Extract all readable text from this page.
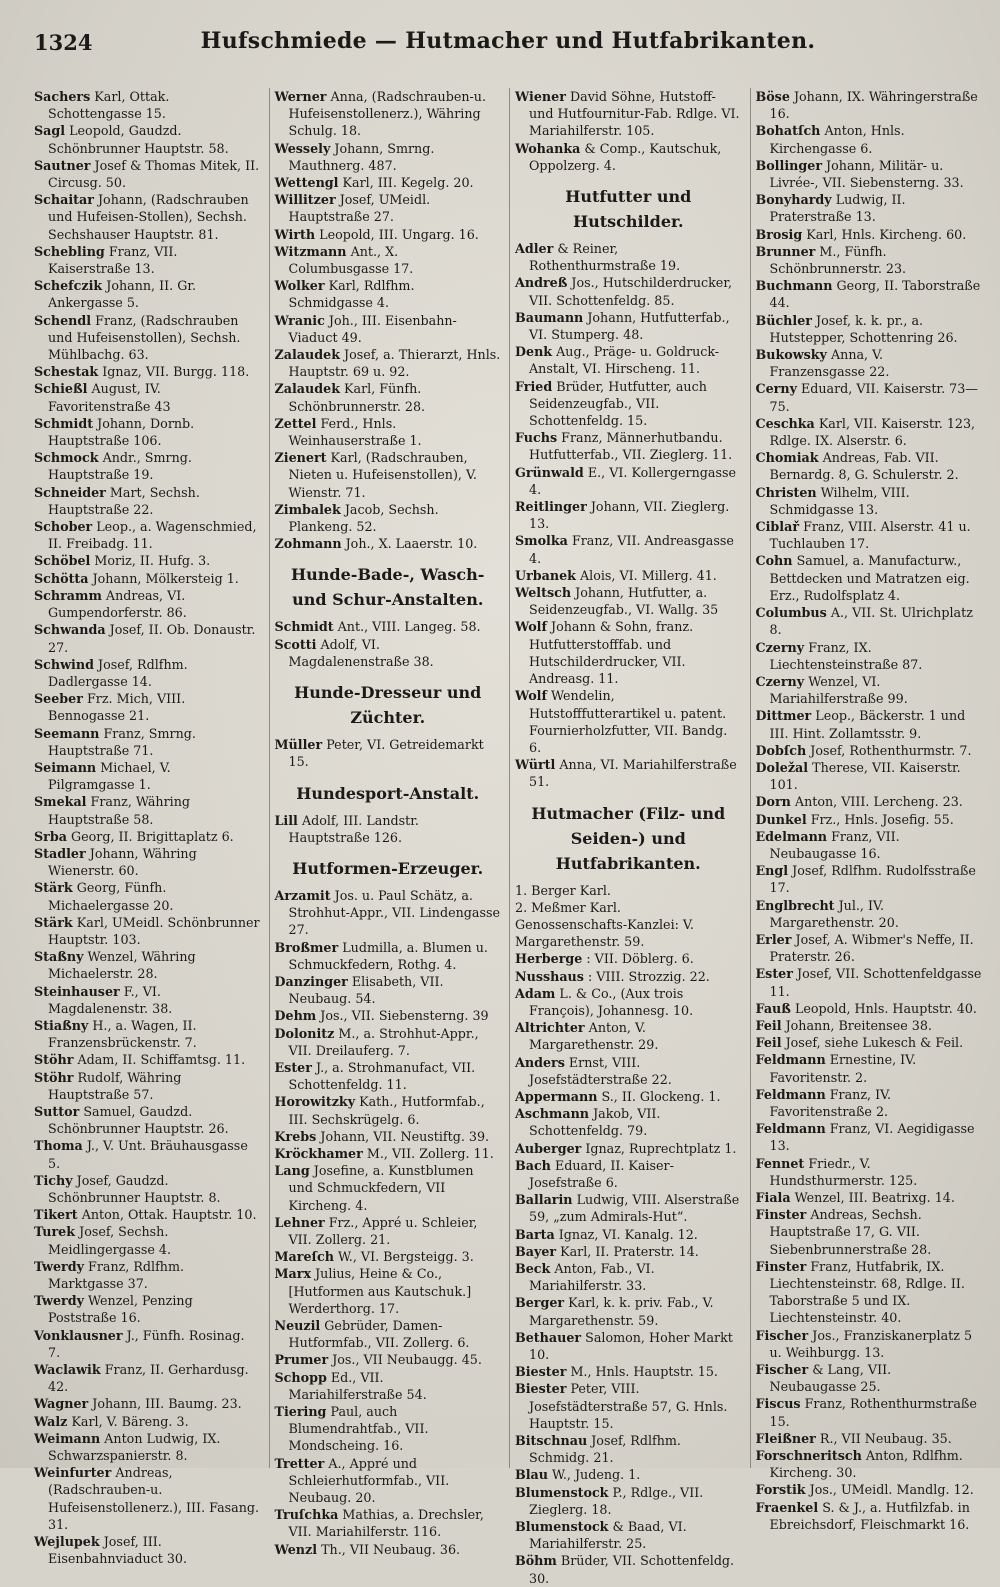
1324	Hufschmiede — Hutmacher und Hutfabrikanten.
Sachers Karl, Ottak. Schottengasse 15.
Sagl Leopold, Gaudzd. Schönbrunner Hauptstr. 58.
Sautner Josef & Thomas Mitek, II. Circusg. 50.
Schaitar Johann, (Radschrauben und Hufeisen-Stollen), Sechsh. Sechshauser Hauptstr. 81.
Schebling Franz, VII. Kaiserstraße 13.
Schefczik Johann, II. Gr. Ankergasse 5.
Schendl Franz, (Radschrauben und Hufeisenstollen), Sechsh. Mühlbachg. 63.
Schestak Ignaz, VII. Burgg. 118.
Schießl August, IV. Favoritenstraße 43
Schmidt Johann, Dornb. Hauptstraße 106.
Schmock Andr., Smrng. Hauptstraße 19.
Schneider Mart, Sechsh. Hauptstraße 22.
Schober Leop., a. Wagenschmied, II. Freibadg. 11.
Schöbel Moriz, II. Hufg. 3.
Schötta Johann, Mölkersteig 1.
Schramm Andreas, VI. Gumpendorferstr. 86.
Schwanda Josef, II. Ob. Donaustr. 27.
Schwind Josef, Rdlfhm. Dadlergasse 14.
Seeber Frz. Mich, VIII. Bennogasse 21.
Seemann Franz, Smrng. Hauptstraße 71.
Seimann Michael, V. Pilgramgasse 1.
Smekal Franz, Währing Hauptstraße 58.
Srba Georg, II. Brigittaplatz 6.
Stadler Johann, Währing Wienerstr. 60.
Stärk Georg, Fünfh. Michaelergasse 20.
Stärk Karl, UMeidl. Schönbrunner Hauptstr. 103.
Staßny Wenzel, Währing Michaelerstr. 28.
Steinhauser F., VI. Magdalenenstr. 38.
Stiaßny H., a. Wagen, II. Franzensbrückenstr. 7.
Stöhr Adam, II. Schiffamtsg. 11.
Stöhr Rudolf, Währing Hauptstraße 57.
Suttor Samuel, Gaudzd. Schönbrunner Hauptstr. 26.
Thoma J., V. Unt. Bräuhausgasse 5.
Tichy Josef, Gaudzd. Schönbrunner Hauptstr. 8.
Tikert Anton, Ottak. Hauptstr. 10.
Turek Josef, Sechsh. Meidlingergasse 4.
Twerdy Franz, Rdlfhm. Marktgasse 37.
Twerdy Wenzel, Penzing Poststraße 16.
Vonklausner J., Fünfh. Rosinag. 7.
Waclawik Franz, II. Gerhardusg. 42.
Wagner Johann, III. Baumg. 23.
Walz Karl, V. Bäreng. 3.
Weimann Anton Ludwig, IX. Schwarzspanierstr. 8.
Weinfurter Andreas, (Radschrauben-u. Hufeisenstollenerz.), III. Fasang. 31.
Wejlupek Josef, III. Eisenbahnviaduct 30.
Werner Anna, (Radschrauben-u. Hufeisenstollenerz.), Währing Schulg. 18.
Wessely Johann, Smrng. Mauthnerg. 487.
Wettengl Karl, III. Kegelg. 20.
Willitzer Josef, UMeidl. Hauptstraße 27.
Wirth Leopold, III. Ungarg. 16.
Witzmann Ant., X. Columbusgasse 17.
Wolker Karl, Rdlfhm. Schmidgasse 4.
Wranic Joh., III. Eisenbahn-Viaduct 49.
Zalaudek Josef, a. Thierarzt, Hnls. Hauptstr. 69 u. 92.
Zalaudek Karl, Fünfh. Schönbrunnerstr. 28.
Zettel Ferd., Hnls. Weinhauserstraße 1.
Zienert Karl, (Radschrauben, Nieten u. Hufeisenstollen), V. Wienstr. 71.
Zimbalek Jacob, Sechsh. Plankeng. 52.
Zohmann Joh., X. Laaerstr. 10.
Hunde-Bade-, Wasch- und Schur-Anstalten.
Schmidt Ant., VIII. Langeg. 58.
Scotti Adolf, VI. Magdalenenstraße 38.
Hunde-Dresseur und Züchter.
Müller Peter, VI. Getreidemarkt 15.
Hundesport-Anstalt.
Lill Adolf, III. Landstr. Hauptstraße 126.
Hutformen-Erzeuger.
Arzamit Jos. u. Paul Schätz, a. Strohhut-Appr., VII. Lindengasse 27.
Broßmer Ludmilla, a. Blumen u. Schmuckfedern, Rothg. 4.
Danzinger Elisabeth, VII. Neubaug. 54.
Dehm Jos., VII. Siebensterng. 39
Dolonitz M., a. Strohhut-Appr., VII. Dreilauferg. 7.
Ester J., a. Strohmanufact, VII. Schottenfeldg. 11.
Horowitzky Kath., Hutformfab., III. Sechskrügelg. 6.
Krebs Johann, VII. Neustiftg. 39.
Kröckhamer M., VII. Zollerg. 11.
Lang Josefine, a. Kunstblumen und Schmuckfedern, VII Kircheng. 4.
Lehner Frz., Appré u. Schleier, VII. Zollerg. 21.
Mareſch W., VI. Bergsteigg. 3.
Marx Julius, Heine & Co., [Hutformen aus Kautschuk.] Werderthorg. 17.
Neuzil Gebrüder, Damen-Hutformfab., VII. Zollerg. 6.
Prumer Jos., VII Neubaugg. 45.
Schopp Ed., VII. Mariahilferstraße 54.
Tiering Paul, auch Blumendrahtfab., VII. Mondscheing. 16.
Tretter A., Appré und Schleierhutformfab., VII. Neubaug. 20.
Truſchka Mathias, a. Drechsler, VII. Mariahilferstr. 116.
Wenzl Th., VII Neubaug. 36.
Wiener David Söhne, Hutstoff- und Hutfournitur-Fab. Rdlge. VI. Mariahilferstr. 105.
Wohanka & Comp., Kautschuk, Oppolzerg. 4.
Hutfutter und Hutschilder.
Adler & Reiner, Rothenthurmstraße 19.
Andreß Jos., Hutschilderdrucker, VII. Schottenfeldg. 85.
Baumann Johann, Hutfutterfab., VI. Stumperg. 48.
Denk Aug., Präge- u. Goldruck-Anstalt, VI. Hirscheng. 11.
Fried Brüder, Hutfutter, auch Seidenzeugfab., VII. Schottenfeldg. 15.
Fuchs Franz, Männerhutbandu. Hutfutterfab., VII. Zieglerg. 11.
Grünwald E., VI. Kollergerngasse 4.
Reitlinger Johann, VII. Zieglerg. 13.
Smolka Franz, VII. Andreasgasse 4.
Urbanek Alois, VI. Millerg. 41.
Weltsch Johann, Hutfutter, a. Seidenzeugfab., VI. Wallg. 35
Wolf Johann & Sohn, franz. Hutfutterstofffab. und Hutschilderdrucker, VII. Andreasg. 11.
Wolf Wendelin, Hutstofffutterartikel u. patent. Fournierholzfutter, VII. Bandg. 6.
Würtl Anna, VI. Mariahilferstraße 51.
Hutmacher (Filz- und Seiden-) und Hutfabrikanten.
1. Berger Karl.
2. Meßmer Karl.
Genossenschafts-Kanzlei: V. Margarethenstr. 59.
Herberge : VII. Döblerg. 6.
Nusshaus : VIII. Strozzig. 22.
Adam L. & Co., (Aux trois François), Johannesg. 10.
Altrichter Anton, V. Margarethenstr. 29.
Anders Ernst, VIII. Josefstädterstraße 22.
Appermann S., II. Glockeng. 1.
Aschmann Jakob, VII. Schottenfeldg. 79.
Auberger Ignaz, Ruprechtplatz 1.
Bach Eduard, II. Kaiser-Josefstraße 6.
Ballarin Ludwig, VIII. Alserstraße 59, „zum Admirals-Hut“.
Barta Ignaz, VI. Kanalg. 12.
Bayer Karl, II. Praterstr. 14.
Beck Anton, Fab., VI. Mariahilferstr. 33.
Berger Karl, k. k. priv. Fab., V. Margarethenstr. 59.
Bethauer Salomon, Hoher Markt 10.
Biester M., Hnls. Hauptstr. 15.
Biester Peter, VIII. Josefstädterstraße 57, G. Hnls. Hauptstr. 15.
Bitschnau Josef, Rdlfhm. Schmidg. 21.
Blau W., Judeng. 1.
Blumenstock P., Rdlge., VII. Zieglerg. 18.
Blumenstock & Baad, VI. Mariahilferstr. 25.
Böhm Brüder, VII. Schottenfeldg. 30.
Böse Johann, IX. Währingerstraße 16.
Bohatſch Anton, Hnls. Kirchengasse 6.
Bollinger Johann, Militär- u. Livrée-, VII. Siebensterng. 33.
Bonyhardy Ludwig, II. Praterstraße 13.
Brosig Karl, Hnls. Kircheng. 60.
Brunner M., Fünfh. Schönbrunnerstr. 23.
Buchmann Georg, II. Taborstraße 44.
Büchler Josef, k. k. pr., a. Hutstepper, Schottenring 26.
Bukowsky Anna, V. Franzensgasse 22.
Cerny Eduard, VII. Kaiserstr. 73—75.
Ceschka Karl, VII. Kaiserstr. 123, Rdlge. IX. Alserstr. 6.
Chomiak Andreas, Fab. VII. Bernardg. 8, G. Schulerstr. 2.
Christen Wilhelm, VIII. Schmidgasse 13.
Ciblař Franz, VIII. Alserstr. 41 u. Tuchlauben 17.
Cohn Samuel, a. Manufacturw., Bettdecken und Matratzen eig. Erz., Rudolfsplatz 4.
Columbus A., VII. St. Ulrichplatz 8.
Czerny Franz, IX. Liechtensteinstraße 87.
Czerny Wenzel, VI. Mariahilferstraße 99.
Dittmer Leop., Bäckerstr. 1 und III. Hint. Zollamtsstr. 9.
Dobſch Josef, Rothenthurmstr. 7.
Doležal Therese, VII. Kaiserstr. 101.
Dorn Anton, VIII. Lercheng. 23.
Dunkel Frz., Hnls. Josefig. 55.
Edelmann Franz, VII. Neubaugasse 16.
Engl Josef, Rdlfhm. Rudolfsstraße 17.
Englbrecht Jul., IV. Margarethenstr. 20.
Erler Josef, A. Wibmer's Neffe, II. Praterstr. 26.
Ester Josef, VII. Schottenfeldgasse 11.
Fauß Leopold, Hnls. Hauptstr. 40.
Feil Johann, Breitensee 38.
Feil Josef, siehe Lukesch & Feil.
Feldmann Ernestine, IV. Favoritenstr. 2.
Feldmann Franz, IV. Favoritenstraße 2.
Feldmann Franz, VI. Aegidigasse 13.
Fennet Friedr., V. Hundsthurmerstr. 125.
Fiala Wenzel, III. Beatrixg. 14.
Finster Andreas, Sechsh. Hauptstraße 17, G. VII. Siebenbrunnerstraße 28.
Finster Franz, Hutfabrik, IX. Liechtensteinstr. 68, Rdlge. II. Taborstraße 5 und IX. Liechtensteinstr. 40.
Fischer Jos., Franziskanerplatz 5 u. Weihburgg. 13.
Fischer & Lang, VII. Neubaugasse 25.
Fiscus Franz, Rothenthurmstraße 15.
Fleißner R., VII Neubaug. 35.
Forschneritsch Anton, Rdlfhm. Kircheng. 30.
Forstik Jos., UMeidl. Mandlg. 12.
Fraenkel S. & J., a. Hutfilzfab. in Ebreichsdorf, Fleischmarkt 16.
